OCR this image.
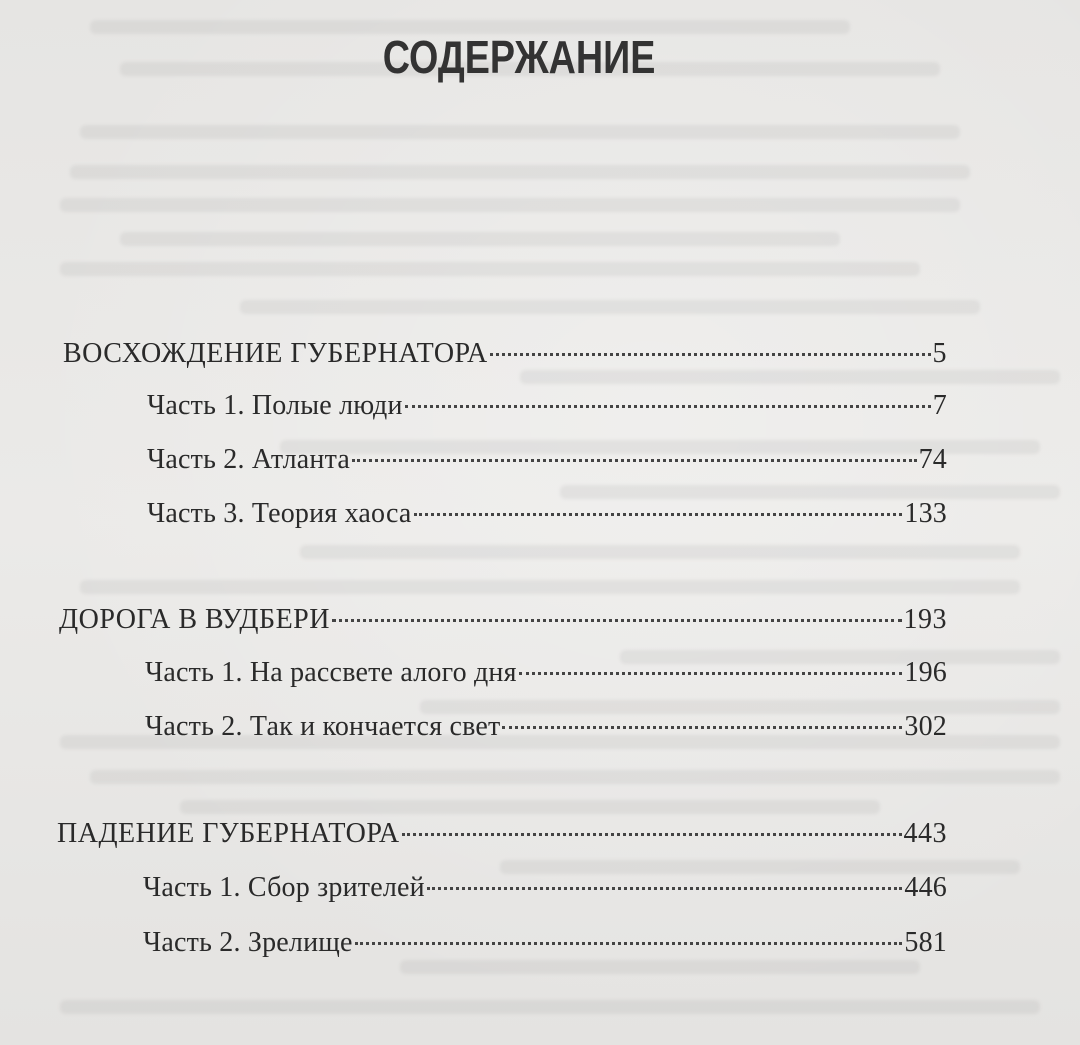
СОДЕРЖАНИЕ
ВОСХОЖДЕНИЕ ГУБЕРНАТОРА	5
Часть 1. Полые люди	7
Часть 2. Атланта	74
Часть 3. Теория хаоса	133
ДОРОГА В ВУДБЕРИ	193
Часть 1. На рассвете алого дня	196
Часть 2. Так и кончается свет	302
ПАДЕНИЕ ГУБЕРНАТОРА	443
Часть 1. Сбор зрителей	446
Часть 2. Зрелище	581
